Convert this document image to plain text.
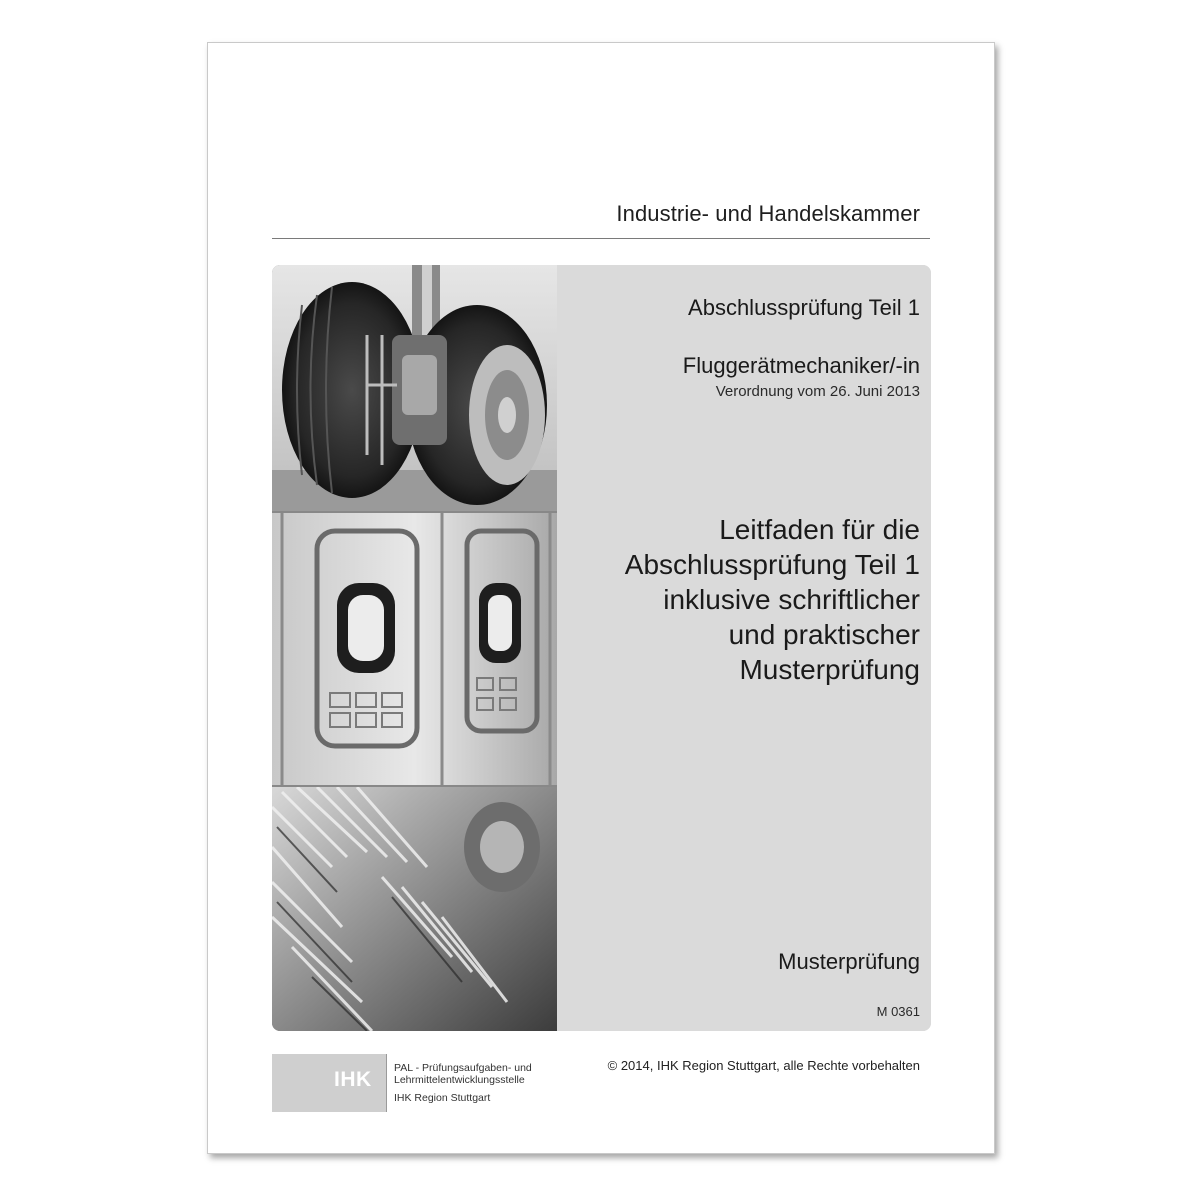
Industrie- und Handelskammer
Abschlussprüfung Teil 1
Fluggerätmechaniker/-in
Verordnung vom 26. Juni 2013
Leitfaden für die
Abschlussprüfung Teil 1
inklusive schriftlicher
und praktischer
Musterprüfung
Musterprüfung
M 0361
IHK PAL - Prüfungsaufgaben- und
Lehrmittelentwicklungsstelle
IHK Region Stuttgart
© 2014, IHK Region Stuttgart, alle Rechte vorbehalten
